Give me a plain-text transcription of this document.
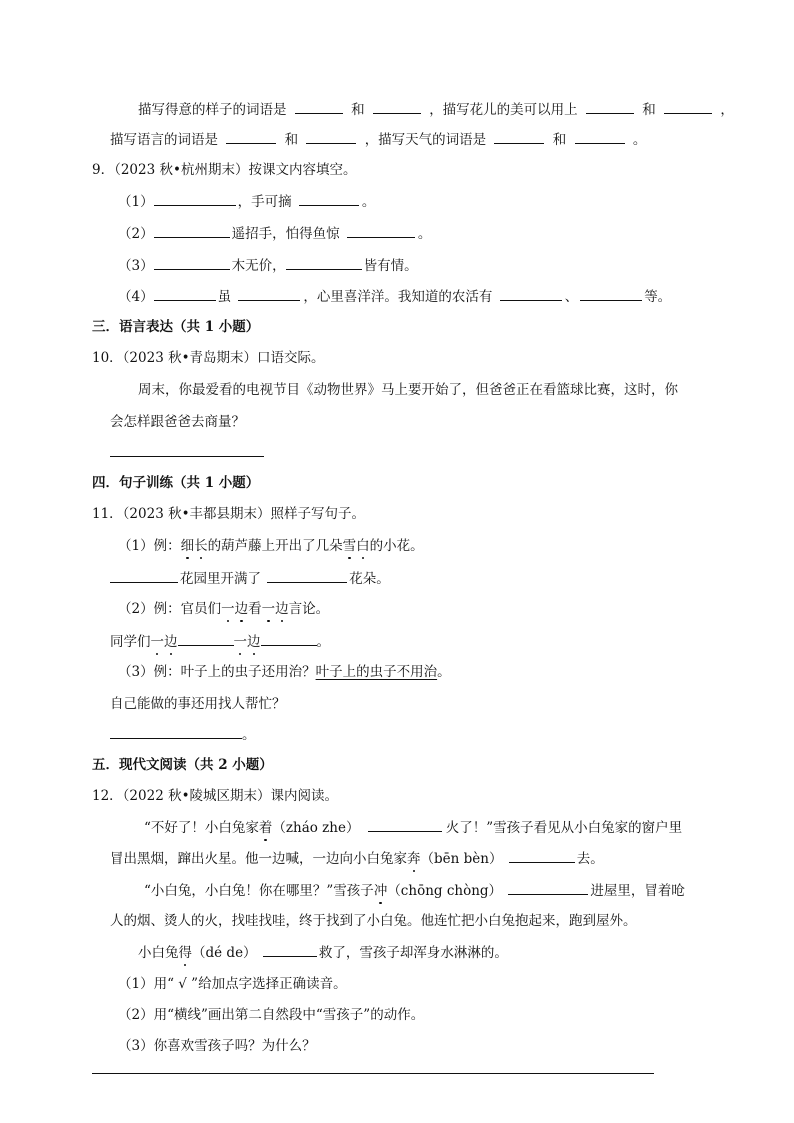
描写得意的样子的词语是	和	，描写花儿的美可以用上	和	，
描写语言的词语是	和	，描写天气的词语是	和	。
9．（2023 秋•杭州期末）按课文内容填空。
（1）	，手可摘	。
（2）	遥招手，怕得鱼惊	。
（3）	木无价，	皆有情。
（4）	虽	，心里喜洋洋。我知道的农活有	、	等。
三．语言表达（共 1 小题）
10．（2023 秋•青岛期末）口语交际。
周末，你最爱看的电视节目《动物世界》马上要开始了，但爸爸正在看篮球比赛，这时，你
会怎样跟爸爸去商量？
四．句子训练（共 1 小题）
11．（2023 秋•丰都县期末）照样子写句子。
（1）例：细长的葫芦藤上开出了几朵雪白的小花。
花园里开满了	花朵。
（2）例：官员们一边看一边言论。
同学们一边	一边	。
（3）例：叶子上的虫子还用治？叶子上的虫子不用治。
自己能做的事还用找人帮忙？
。
五．现代文阅读（共 2 小题）
12．（2022 秋•陵城区期末）课内阅读。
“不好了！小白兔家着（zháo zhe）	火了！”雪孩子看见从小白兔家的窗户里
冒出黑烟，蹿出火星。他一边喊，一边向小白兔家奔（bēn bèn）	去。
“小白兔，小白兔！你在哪里？”雪孩子冲（chōng chòng）	进屋里，冒着呛
人的烟、烫人的火，找哇找哇，终于找到了小白兔。他连忙把小白兔抱起来，跑到屋外。
小白兔得（dé de）	救了，雪孩子却浑身水淋淋的。
（1）用“ √ ”给加点字选择正确读音。
（2）用“横线”画出第二自然段中“雪孩子”的动作。
（3）你喜欢雪孩子吗？为什么？
